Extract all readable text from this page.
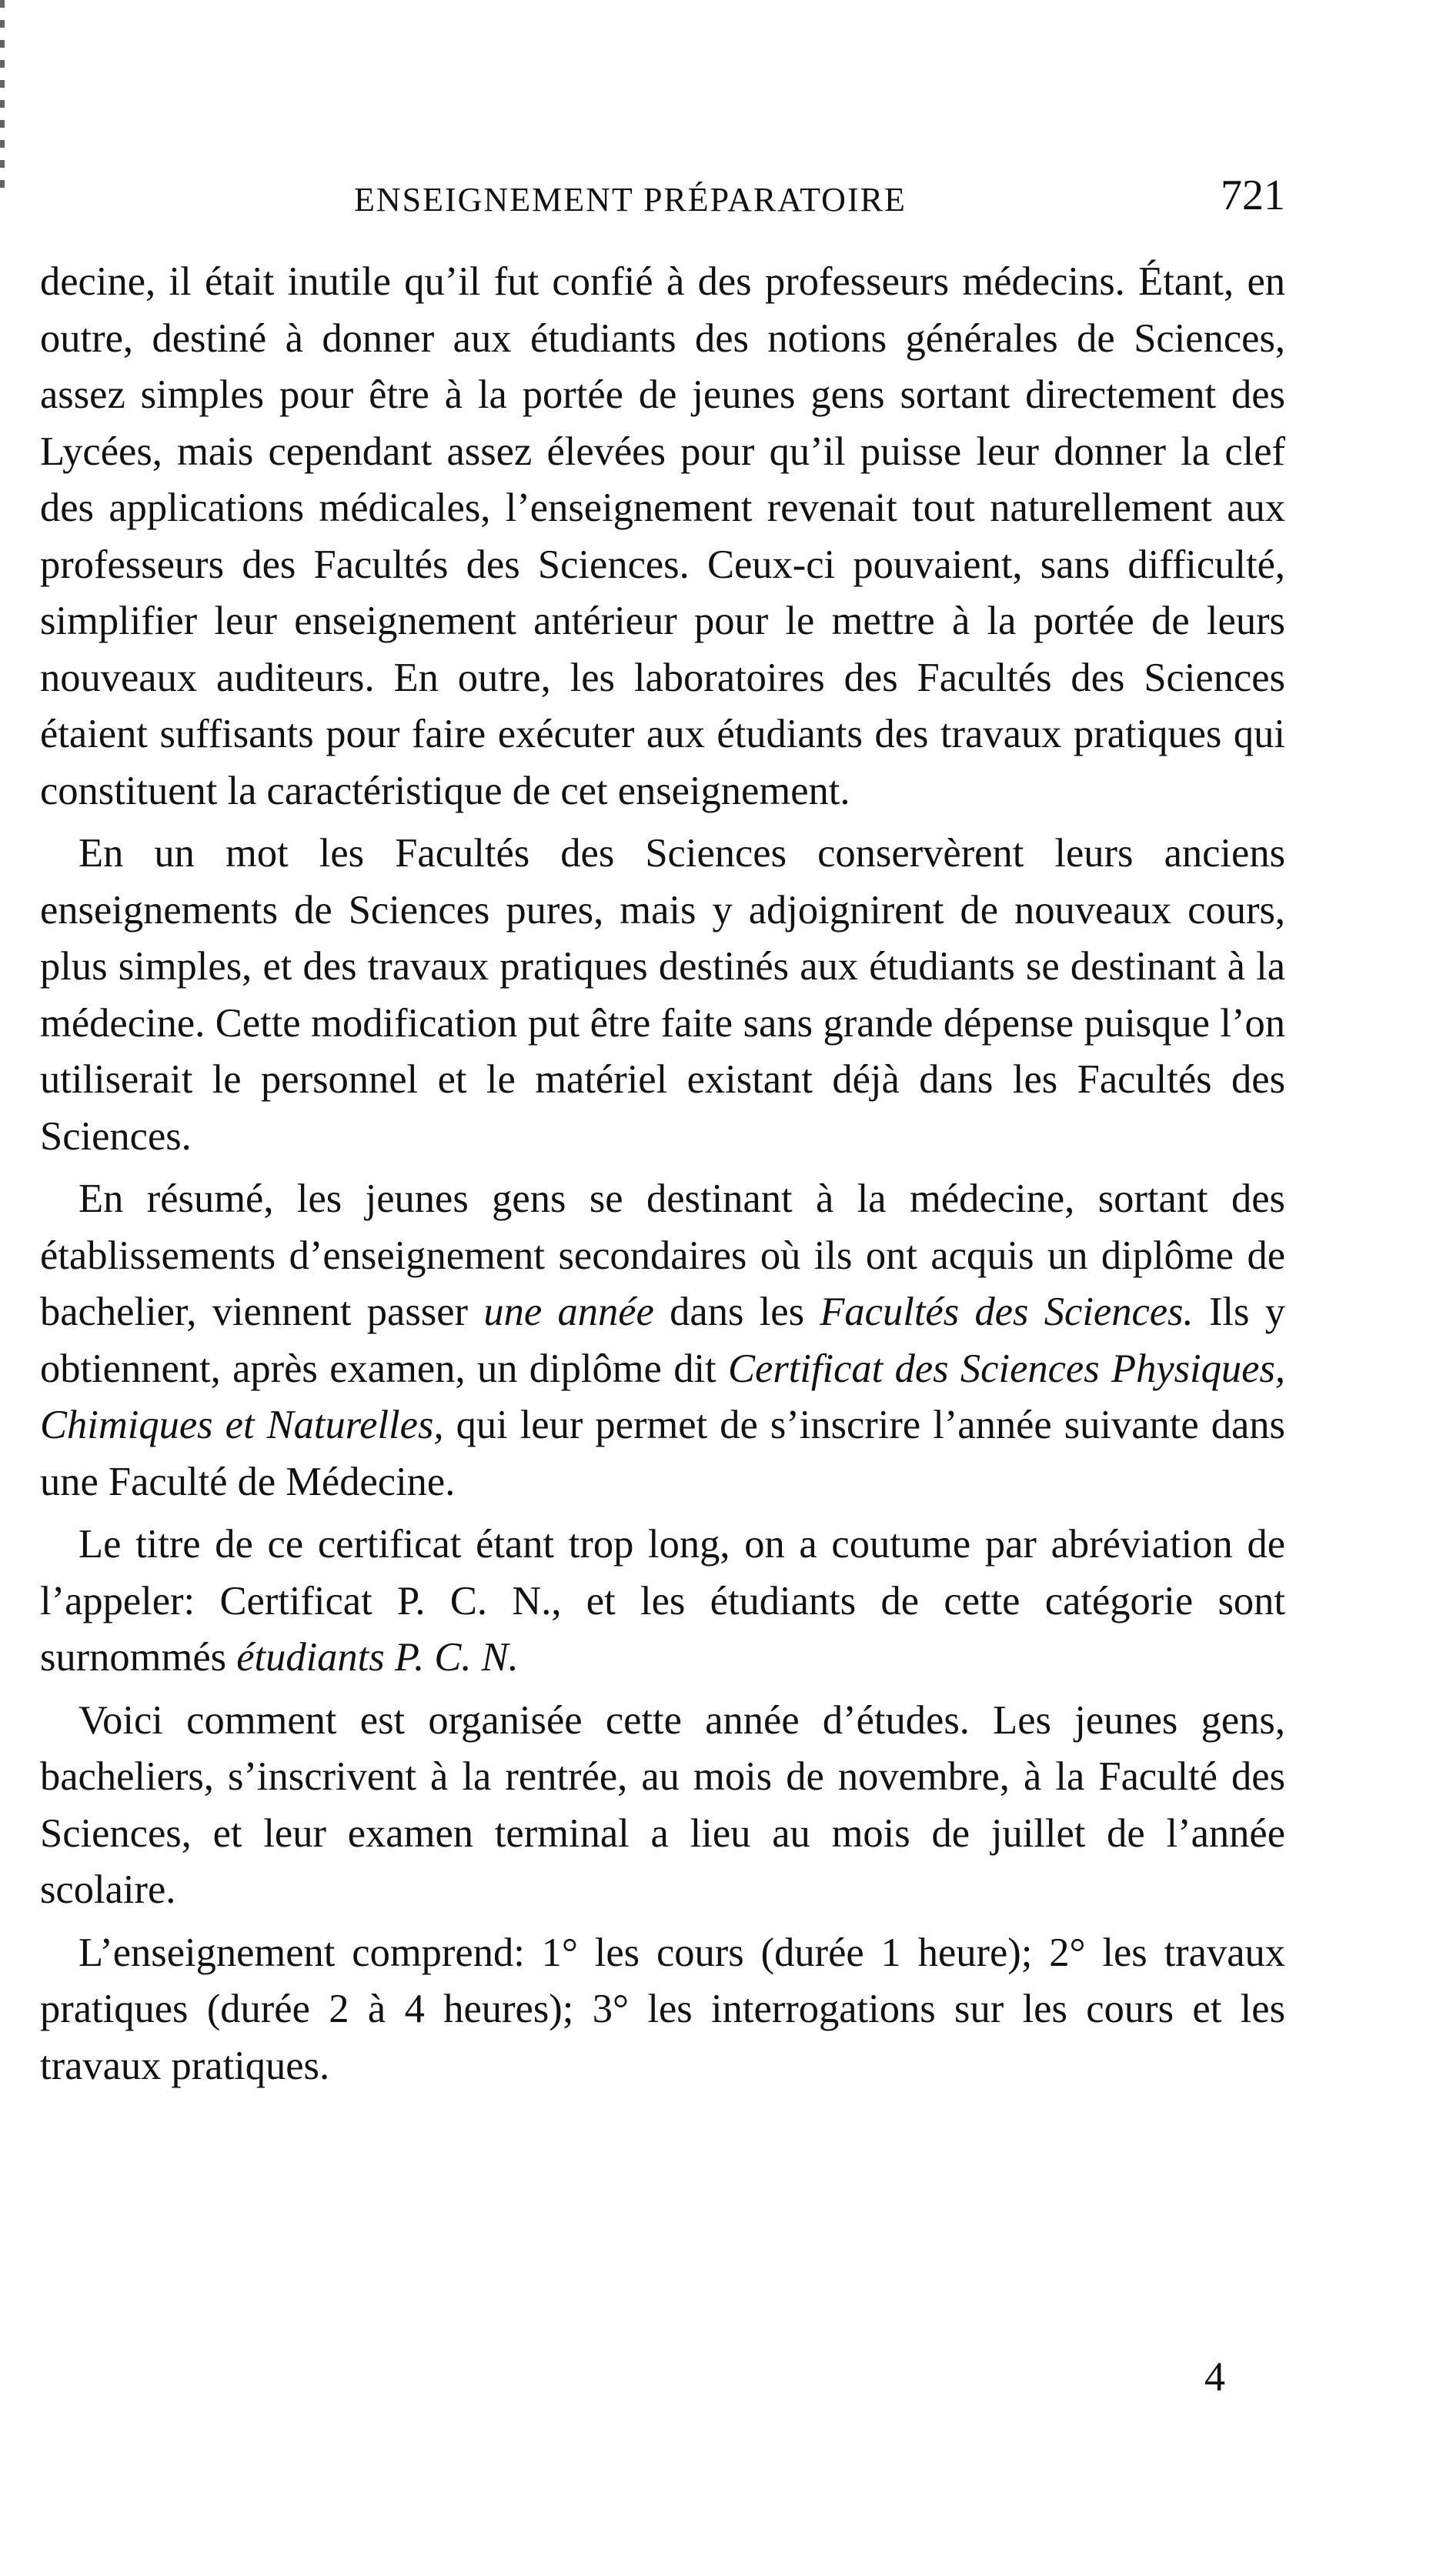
ENSEIGNEMENT PRÉPARATOIRE	721

decine, il était inutile qu’il fut confié à des professeurs médecins. Étant, en outre, destiné à donner aux étudiants des notions générales de Sciences, assez simples pour être à la portée de jeunes gens sortant directement des Lycées, mais cependant assez élevées pour qu’il puisse leur donner la clef des applications médicales, l’enseignement revenait tout naturellement aux professeurs des Facultés des Sciences. Ceux-ci pouvaient, sans difficulté, simplifier leur enseignement antérieur pour le mettre à la portée de leurs nouveaux auditeurs. En outre, les laboratoires des Facultés des Sciences étaient suffisants pour faire exécuter aux étudiants des travaux pratiques qui constituent la caractéristique de cet enseignement.

En un mot les Facultés des Sciences conservèrent leurs anciens enseignements de Sciences pures, mais y adjoignirent de nouveaux cours, plus simples, et des travaux pratiques destinés aux étudiants se destinant à la médecine. Cette modification put être faite sans grande dépense puisque l’on utiliserait le personnel et le matériel existant déjà dans les Facultés des Sciences.

En résumé, les jeunes gens se destinant à la médecine, sortant des établissements d’enseignement secondaires où ils ont acquis un diplôme de bachelier, viennent passer une année dans les Facultés des Sciences. Ils y obtiennent, après examen, un diplôme dit Certificat des Sciences Physiques, Chimiques et Naturelles, qui leur permet de s’inscrire l’année suivante dans une Faculté de Médecine.

Le titre de ce certificat étant trop long, on a coutume par abréviation de l’appeler: Certificat P. C. N., et les étudiants de cette catégorie sont surnommés étudiants P. C. N.

Voici comment est organisée cette année d’études. Les jeunes gens, bacheliers, s’inscrivent à la rentrée, au mois de novembre, à la Faculté des Sciences, et leur examen terminal a lieu au mois de juillet de l’année scolaire.

L’enseignement comprend: 1° les cours (durée 1 heure); 2° les travaux pratiques (durée 2 à 4 heures); 3° les interrogations sur les cours et les travaux pratiques.

4
